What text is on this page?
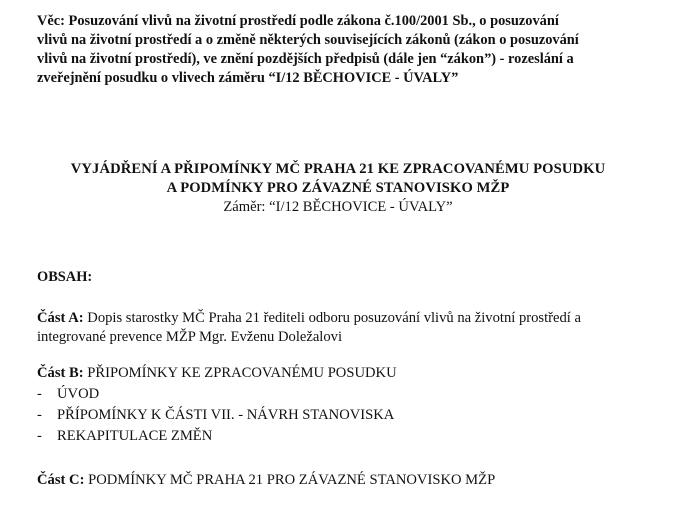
Věc: Posuzování vlivů na životní prostředí podle zákona č.100/2001 Sb., o posuzování
vlivů na životní prostředí a o změně některých souvisejících zákonů (zákon o posuzování
vlivů na životní prostředí), ve znění pozdějších předpisů (dále jen “zákon”) - rozeslání a
zveřejnění posudku o vlivech záměru “I/12 BĚCHOVICE - ÚVALY”
VYJÁDŘENÍ A PŘIPOMÍNKY MČ PRAHA 21 KE ZPRACOVANÉMU POSUDKU
A PODMÍNKY PRO ZÁVAZNÉ STANOVISKO MŽP
Záměr: “I/12 BĚCHOVICE - ÚVALY”
OBSAH:
Část A: Dopis starostky MČ Praha 21 řediteli odboru posuzování vlivů na životní prostředí a
integrované prevence MŽP Mgr. Evženu Doležalovi
Část B: PŘIPOMÍNKY KE ZPRACOVANÉMU POSUDKU
- ÚVOD
- PŘÍPOMÍNKY K ČÁSTI VII. - NÁVRH STANOVISKA
- REKAPITULACE ZMĚN
Část C: PODMÍNKY MČ PRAHA 21 PRO ZÁVAZNÉ STANOVISKO MŽP
